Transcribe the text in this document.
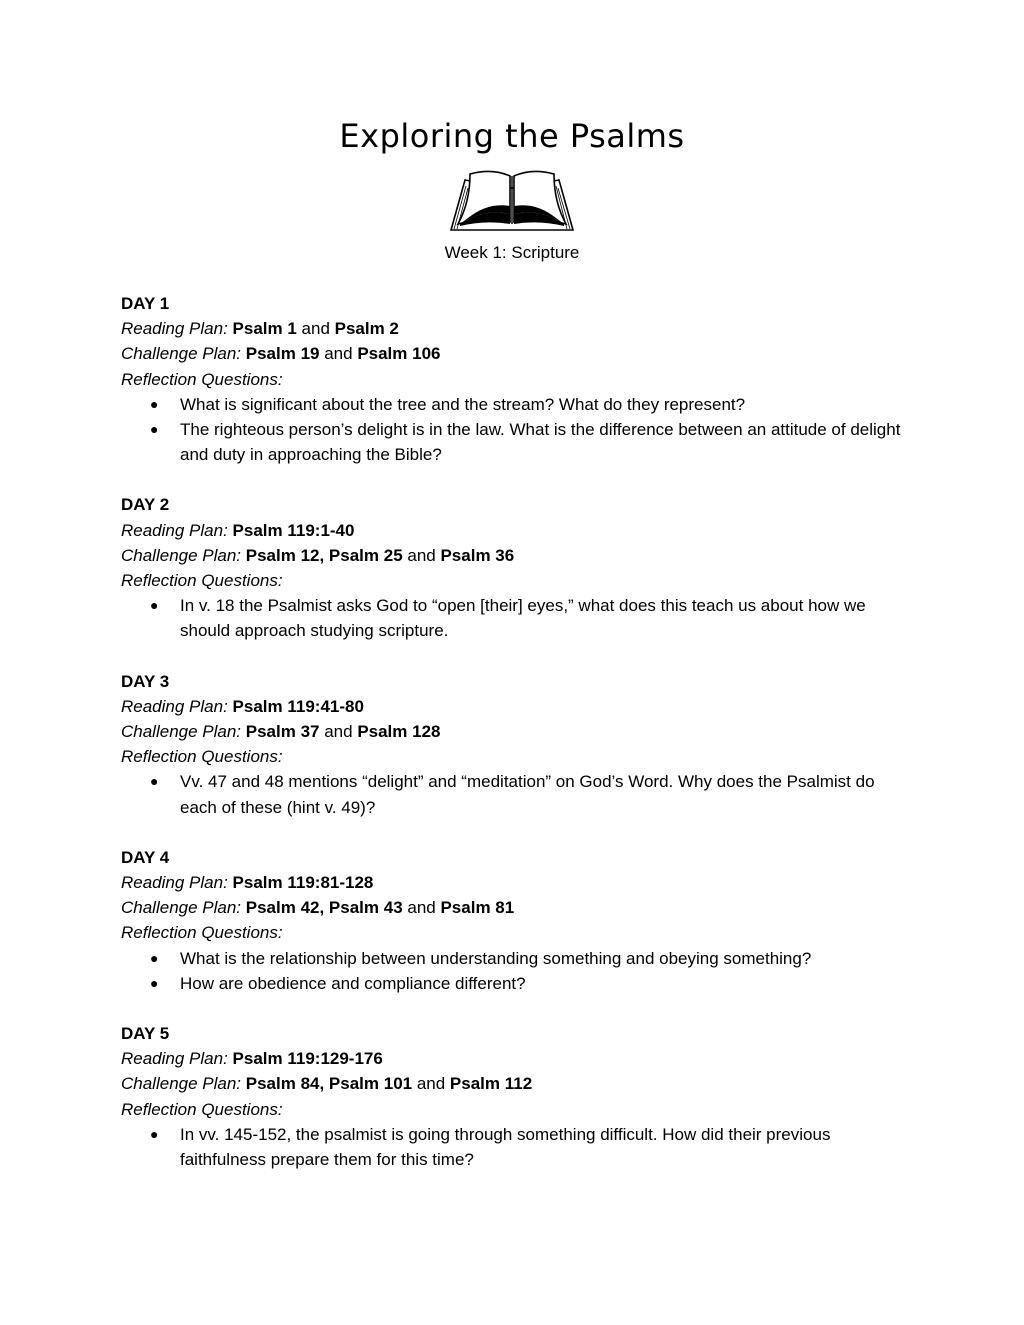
Exploring the Psalms
Week 1: Scripture

DAY 1

Reading Plan: Psalm 1 and Psalm 2

Challenge Plan: Psalm 19 and Psalm 106

Reflection Questions:

● What is significant about the tree and the stream? What do they represent?
● The righteous person’s delight is in the law. What is the difference between an attitude of delight and duty in approaching the Bible?

DAY 2

Reading Plan: Psalm 119:1-40

Challenge Plan: Psalm 12, Psalm 25 and Psalm 36

Reflection Questions:

● In v. 18 the Psalmist asks God to “open [their] eyes,” what does this teach us about how we should approach studying scripture.

DAY 3

Reading Plan: Psalm 119:41-80

Challenge Plan: Psalm 37 and Psalm 128

Reflection Questions:

● Vv. 47 and 48 mentions “delight” and “meditation” on God’s Word. Why does the Psalmist do each of these (hint v. 49)?

DAY 4

Reading Plan: Psalm 119:81-128

Challenge Plan: Psalm 42, Psalm 43 and Psalm 81

Reflection Questions:

● What is the relationship between understanding something and obeying something?
● How are obedience and compliance different?

DAY 5

Reading Plan: Psalm 119:129-176

Challenge Plan: Psalm 84, Psalm 101 and Psalm 112

Reflection Questions:

● In vv. 145-152, the psalmist is going through something difficult. How did their previous faithfulness prepare them for this time?
